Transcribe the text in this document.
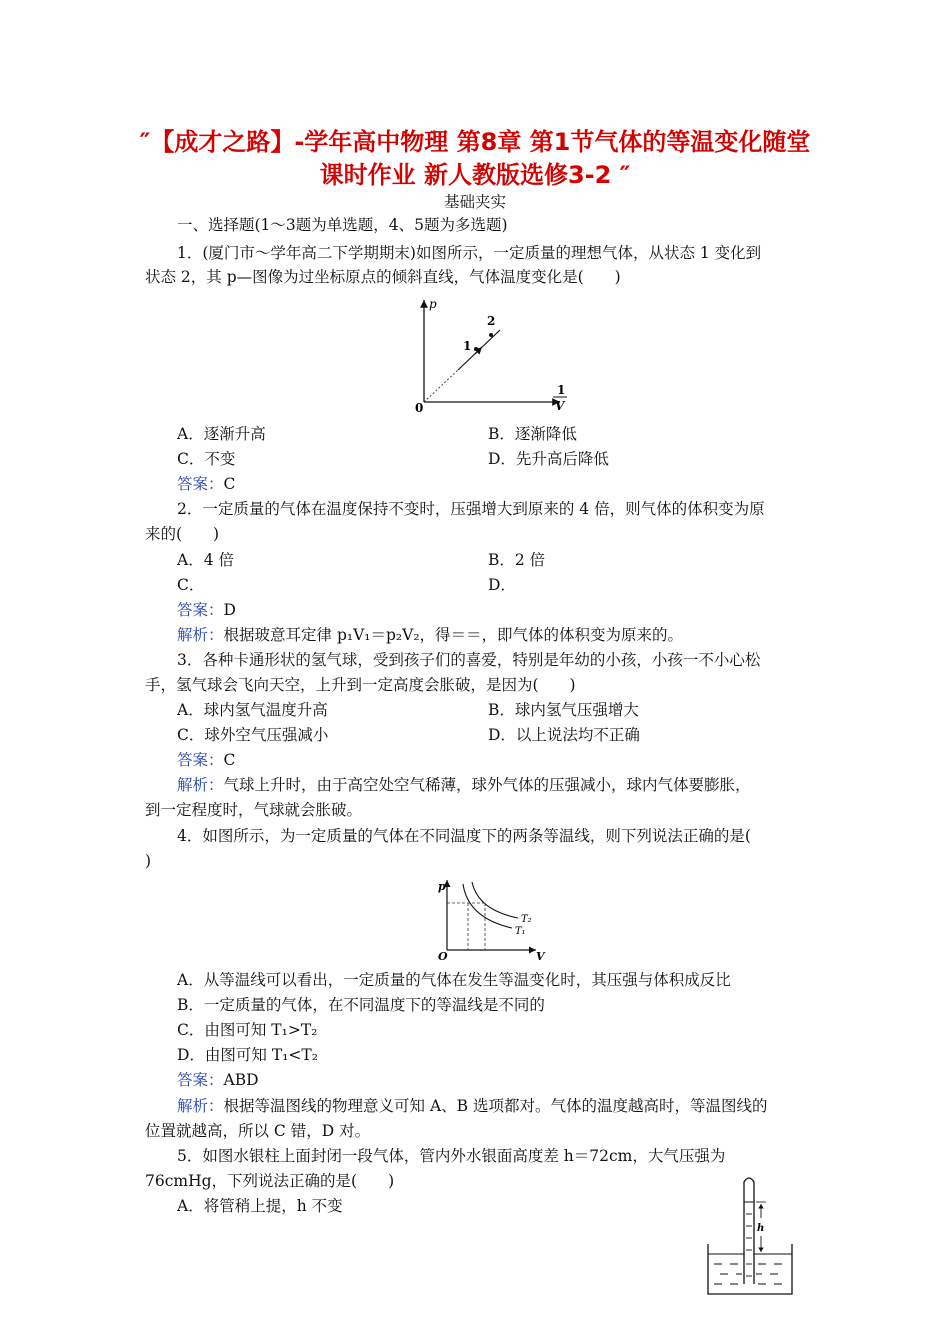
″【成才之路】-学年高中物理 第8章 第1节气体的等温变化随堂
课时作业 新人教版选修3-2 ″
基础夹实
一、选择题(1～3题为单选题，4、5题为多选题)
1．(厦门市～学年高二下学期期末)如图所示，一定质量的理想气体，从状态 1 变化到
状态 2，其 p—图像为过坐标原点的倾斜直线，气体温度变化是(　　)
p
0
1
V
1
2
A．逐渐升高	B．逐渐降低
C．不变	D．先升高后降低
答案：C
2．一定质量的气体在温度保持不变时，压强增大到原来的 4 倍，则气体的体积变为原
来的(　　)
A．4 倍	B．2 倍
C．	D．
答案：D
解析：根据玻意耳定律 p₁V₁＝p₂V₂，得＝＝，即气体的体积变为原来的。
3．各种卡通形状的氢气球，受到孩子们的喜爱，特别是年幼的小孩，小孩一不小心松
手，氢气球会飞向天空，上升到一定高度会胀破，是因为(　　)
A．球内氢气温度升高	B．球内氢气压强增大
C．球外空气压强减小	D．以上说法均不正确
答案：C
解析：气球上升时，由于高空处空气稀薄，球外气体的压强减小，球内气体要膨胀，
到一定程度时，气球就会胀破。
4．如图所示，为一定质量的气体在不同温度下的两条等温线，则下列说法正确的是(
)
p
O	V
T₂
T₁
A．从等温线可以看出，一定质量的气体在发生等温变化时，其压强与体积成反比
B．一定质量的气体，在不同温度下的等温线是不同的
C．由图可知 T₁>T₂
D．由图可知 T₁<T₂
答案：ABD
解析：根据等温图线的物理意义可知 A、B 选项都对。气体的温度越高时，等温图线的
位置就越高，所以 C 错，D 对。
5．如图水银柱上面封闭一段气体，管内外水银面高度差 h＝72cm，大气压强为
76cmHg，下列说法正确的是(　　)
A．将管稍上提，h 不变
h
